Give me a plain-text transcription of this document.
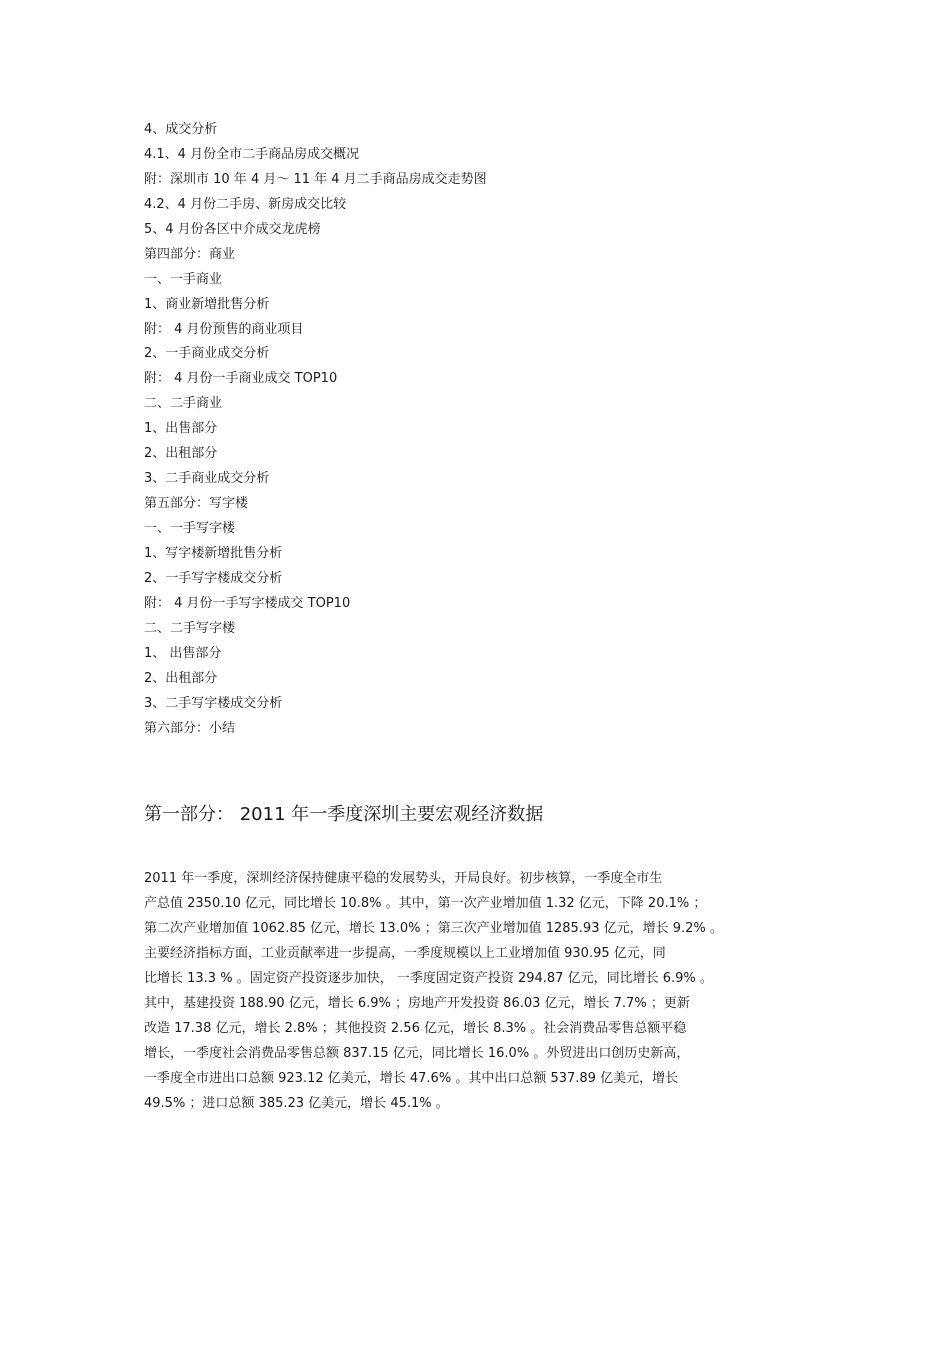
4、成交分析
4.1、4 月份全市二手商品房成交概况
附：深圳市 10 年 4 月～ 11 年 4 月二手商品房成交走势图
4.2、4 月份二手房、新房成交比较
5、4 月份各区中介成交龙虎榜
第四部分：商业
一、一手商业
1、商业新增批售分析
附： 4 月份预售的商业项目
2、一手商业成交分析
附： 4 月份一手商业成交 TOP10
二、二手商业
1、出售部分
2、出租部分
3、二手商业成交分析
第五部分：写字楼
一、一手写字楼
1、写字楼新增批售分析
2、一手写字楼成交分析
附： 4 月份一手写字楼成交 TOP10
二、二手写字楼
1、 出售部分
2、出租部分
3、二手写字楼成交分析
第六部分：小结
第一部分： 2011 年一季度深圳主要宏观经济数据
2011 年一季度，深圳经济保持健康平稳的发展势头，开局良好。初步核算，一季度全市生
产总值 2350.10 亿元，同比增长 10.8% 。其中，第一次产业增加值 1.32 亿元，下降 20.1% ；
第二次产业增加值 1062.85 亿元，增长 13.0% ；第三次产业增加值 1285.93 亿元，增长 9.2% 。
主要经济指标方面，工业贡献率进一步提高，一季度规模以上工业增加值 930.95 亿元，同
比增长 13.3 % 。固定资产投资逐步加快， 一季度固定资产投资 294.87 亿元，同比增长 6.9% 。
其中，基建投资 188.90 亿元，增长 6.9% ；房地产开发投资 86.03 亿元，增长 7.7% ；更新
改造 17.38 亿元，增长 2.8% ；其他投资 2.56 亿元，增长 8.3% 。社会消费品零售总额平稳
增长，一季度社会消费品零售总额 837.15 亿元，同比增长 16.0% 。外贸进出口创历史新高，
一季度全市进出口总额 923.12 亿美元，增长 47.6% 。其中出口总额 537.89 亿美元，增长
49.5% ；进口总额 385.23 亿美元，增长 45.1% 。
